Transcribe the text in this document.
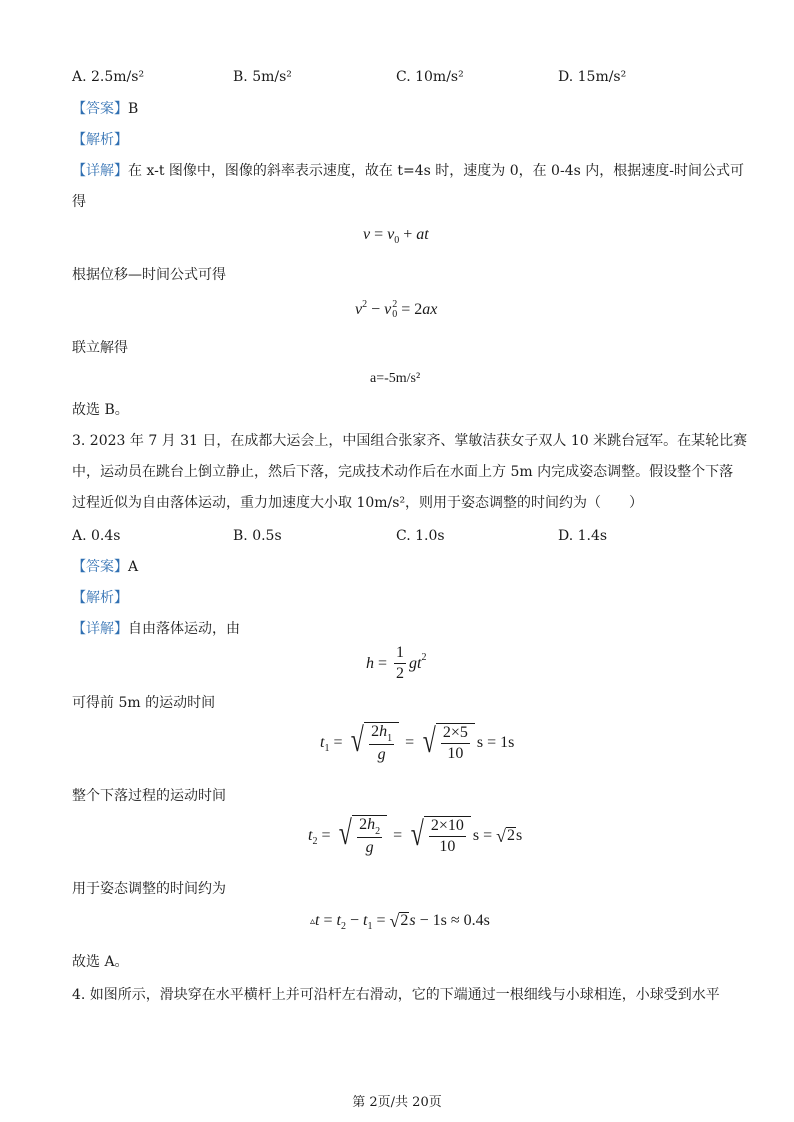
A. 2.5m/s²	B. 5m/s²	C. 10m/s²	D. 15m/s²
【答案】B
【解析】
【详解】在 x-t 图像中，图像的斜率表示速度，故在 t=4s 时，速度为 0，在 0-4s 内，根据速度-时间公式可
得
v = v 0 + at
根据位移—时间公式可得
v 2 − v 2
0 = 2 ax
联立解得
a=-5m/s²
故选 B。
3. 2023 年 7 月 31 日，在成都大运会上，中国组合张家齐、掌敏洁获女子双人 10 米跳台冠军。在某轮比赛
中，运动员在跳台上倒立静止，然后下落，完成技术动作后在水面上方 5m 内完成姿态调整。假设整个下落
过程近似为自由落体运动，重力加速度大小取 10m/s²，则用于姿态调整的时间约为（　　）
A. 0.4s	B. 0.5s	C. 1.0s	D. 1.4s
【答案】A
【解析】
【详解】自由落体运动，由
$h = \frac{1}{2}$ gt 2
可得前 5m 的运动时间
t 1 = √ $\frac{2h_1}{g}$ = √ $\frac{2\times 5}{10}$ s = 1s
整个下落过程的运动时间
t 2 = √ $\frac{2h_2}{g}$ = √ $\frac{2\times 10}{10}$ s = √ 2 s
用于姿态调整的时间约为
▵ t = t 2 − t 1 = √ 2 s − 1s ≈ 0.4s
故选 A。
4. 如图所示，滑块穿在水平横杆上并可沿杆左右滑动，它的下端通过一根细线与小球相连，小球受到水平
第 2页/共 20页
